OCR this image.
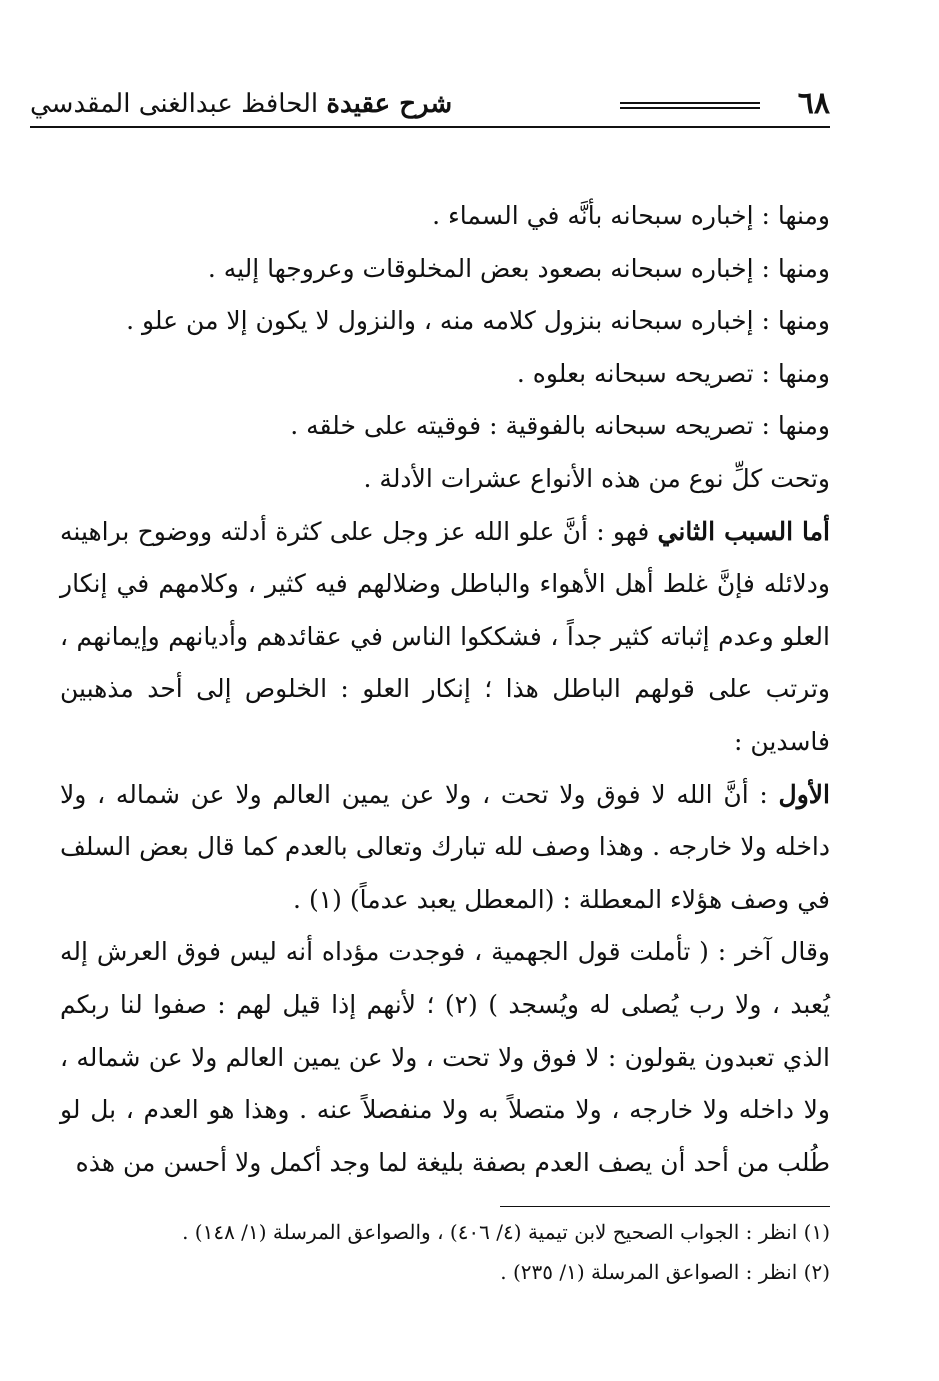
٦٨
شرح عقيدة الحافظ عبدالغنى المقدسي

ومنها : إخباره سبحانه بأنَّه في السماء .

ومنها : إخباره سبحانه بصعود بعض المخلوقات وعروجها إليه .

ومنها : إخباره سبحانه بنزول كلامه منه ، والنزول لا يكون إلا من علو .

ومنها : تصريحه سبحانه بعلوه .

ومنها : تصريحه سبحانه بالفوقية : فوقيته على خلقه .

وتحت كلِّ نوع من هذه الأنواع عشرات الأدلة .

أما السبب الثاني فهو : أنَّ علو الله عز وجل على كثرة أدلته ووضوح براهينه ودلائله فإنَّ غلط أهل الأهواء والباطل وضلالهم فيه كثير ، وكلامهم في إنكار العلو وعدم إثباته كثير جداً ، فشككوا الناس في عقائدهم وأديانهم وإيمانهم ، وترتب على قولهم الباطل هذا ؛ إنكار العلو : الخلوص إلى أحد مذهبين فاسدين :

الأول : أنَّ الله لا فوق ولا تحت ، ولا عن يمين العالم ولا عن شماله ، ولا داخله ولا خارجه . وهذا وصف لله تبارك وتعالى بالعدم كما قال بعض السلف في وصف هؤلاء المعطلة : (المعطل يعبد عدماً) (١) .

وقال آخر : ( تأملت قول الجهمية ، فوجدت مؤداه أنه ليس فوق العرش إله يُعبد ، ولا رب يُصلى له ويُسجد ) (٢) ؛ لأنهم إذا قيل لهم : صفوا لنا ربكم الذي تعبدون يقولون : لا فوق ولا تحت ، ولا عن يمين العالم ولا عن شماله ، ولا داخله ولا خارجه ، ولا متصلاً به ولا منفصلاً عنه . وهذا هو العدم ، بل لو طُلب من أحد أن يصف العدم بصفة بليغة لما وجد أكمل ولا أحسن من هذه

(١) انظر : الجواب الصحيح لابن تيمية (٤/ ٤٠٦) ، والصواعق المرسلة (١/ ١٤٨) .

(٢) انظر : الصواعق المرسلة (١/ ٢٣٥) .
